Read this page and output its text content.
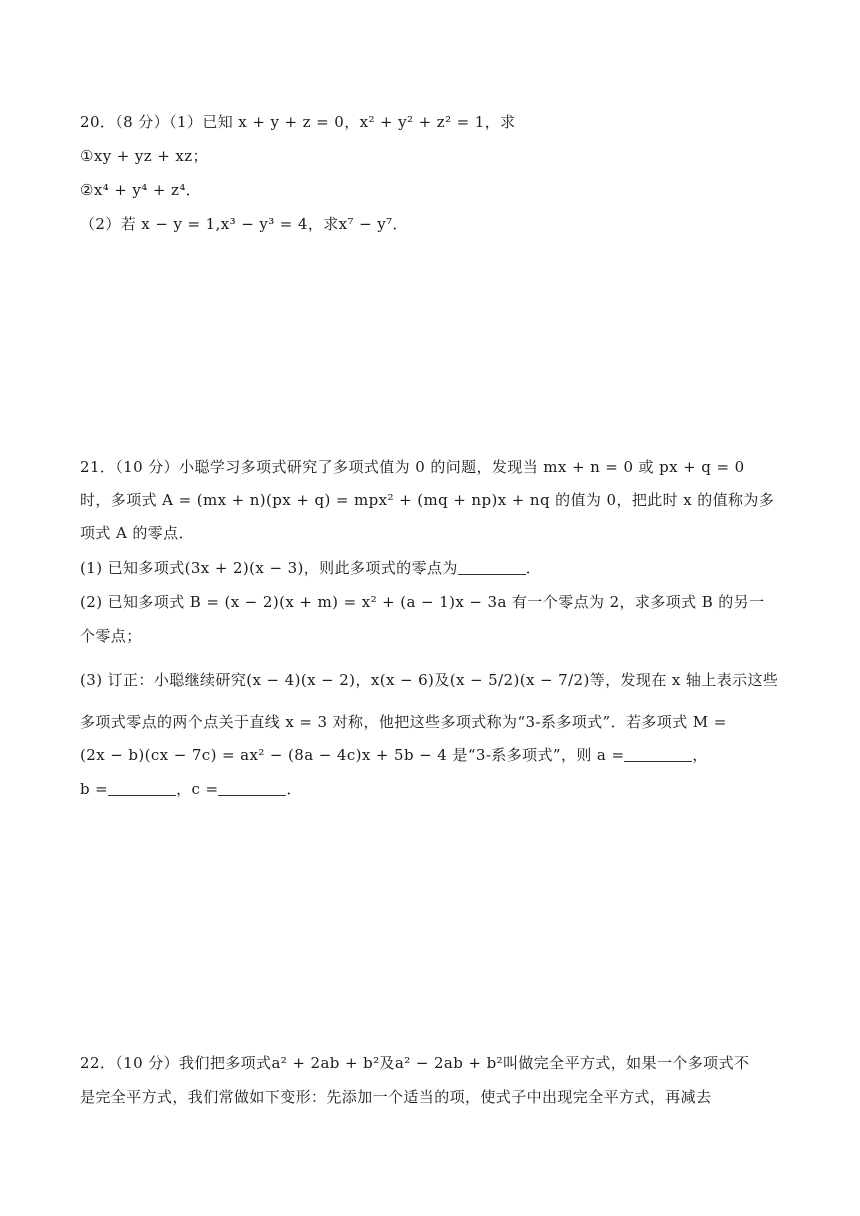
20．（8 分）（1）已知 x + y + z = 0，x² + y² + z² = 1，求
①xy + yz + xz；
②x⁴ + y⁴ + z⁴．
（2）若 x − y = 1,x³ − y³ = 4，求x⁷ − y⁷．
21．（10 分）小聪学习多项式研究了多项式值为 0 的问题，发现当 mx + n = 0 或 px + q = 0
时，多项式 A = (mx + n)(px + q) = mpx² + (mq + np)x + nq 的值为 0，把此时 x 的值称为多
项式 A 的零点．
(1) 已知多项式(3x + 2)(x − 3)，则此多项式的零点为	．
(2) 已知多项式 B = (x − 2)(x + m) = x² + (a − 1)x − 3a 有一个零点为 2，求多项式 B 的另一
个零点；
(3) 订正：小聪继续研究(x − 4)(x − 2)，x(x − 6)及(x − 5/2)(x − 7/2)等，发现在 x 轴上表示这些
多项式零点的两个点关于直线 x = 3 对称，他把这些多项式称为“3-系多项式”．若多项式 M =
(2x − b)(cx − 7c) = ax² − (8a − 4c)x + 5b − 4 是“3-系多项式”，则 a =	，
b =	，c =	．
22．（10 分）我们把多项式a² + 2ab + b²及a² − 2ab + b²叫做完全平方式，如果一个多项式不
是完全平方式，我们常做如下变形：先添加一个适当的项，使式子中出现完全平方式，再减去
